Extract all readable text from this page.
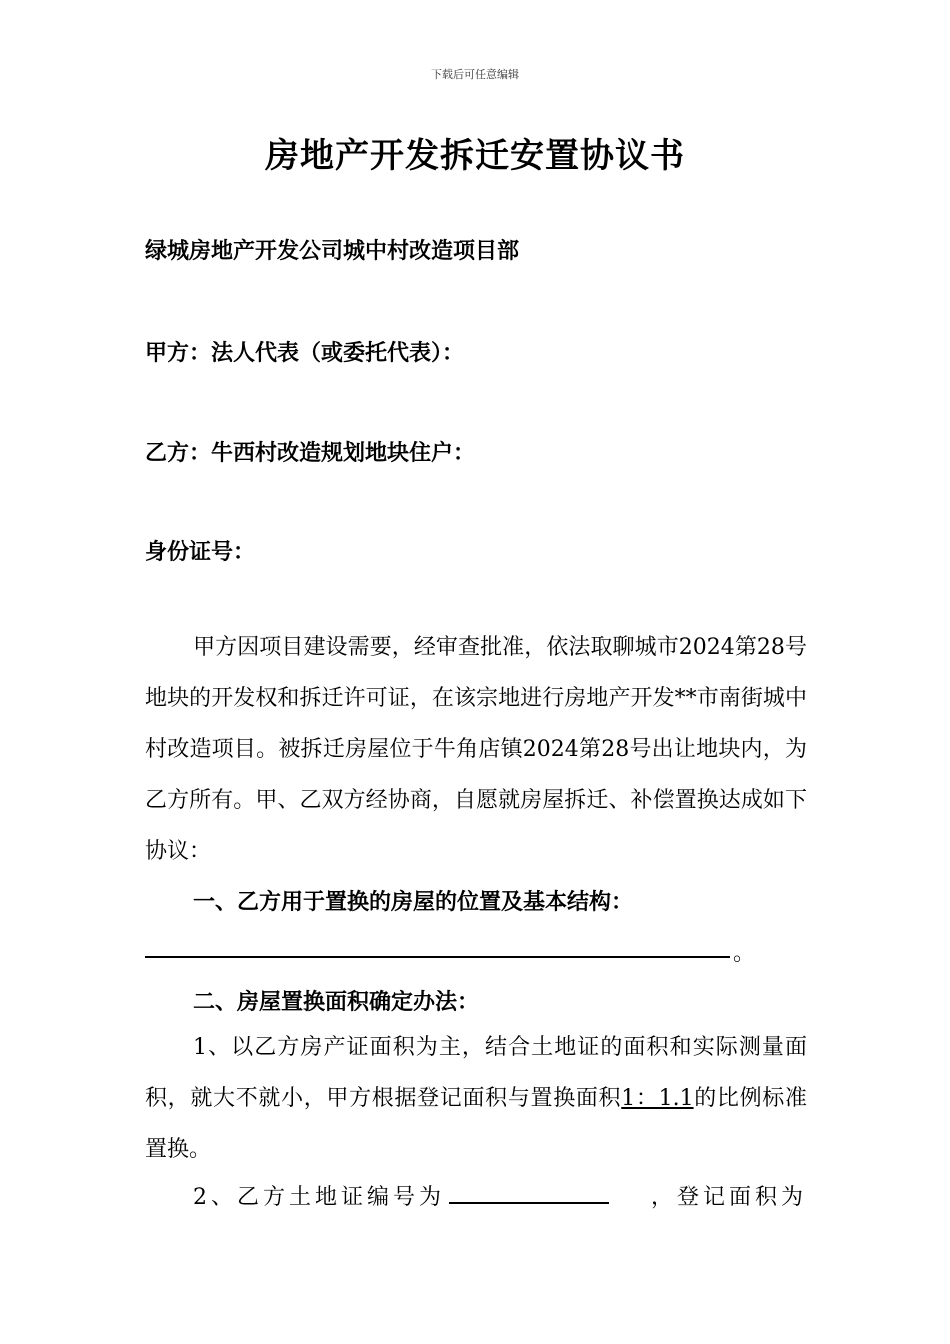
下载后可任意编辑
房地产开发拆迁安置协议书
绿城房地产开发公司城中村改造项目部
甲方：法人代表（或委托代表）：
乙方：牛西村改造规划地块住户：
身份证号：
甲方因项目建设需要，经审查批准，依法取聊城市2024第28号地块的开发权和拆迁许可证，在该宗地进行房地产开发**市南街城中村改造项目。被拆迁房屋位于牛角店镇2024第28号出让地块内，为乙方所有。甲、乙双方经协商，自愿就房屋拆迁、补偿置换达成如下协议：
一、乙方用于置换的房屋的位置及基本结构：
。
二、房屋置换面积确定办法：
1、以乙方房产证面积为主，结合土地证的面积和实际测量面积，就大不就小，甲方根据登记面积与置换面积1：1.1的比例标准置换。
2、乙方土地证编号为	，登记面积为
